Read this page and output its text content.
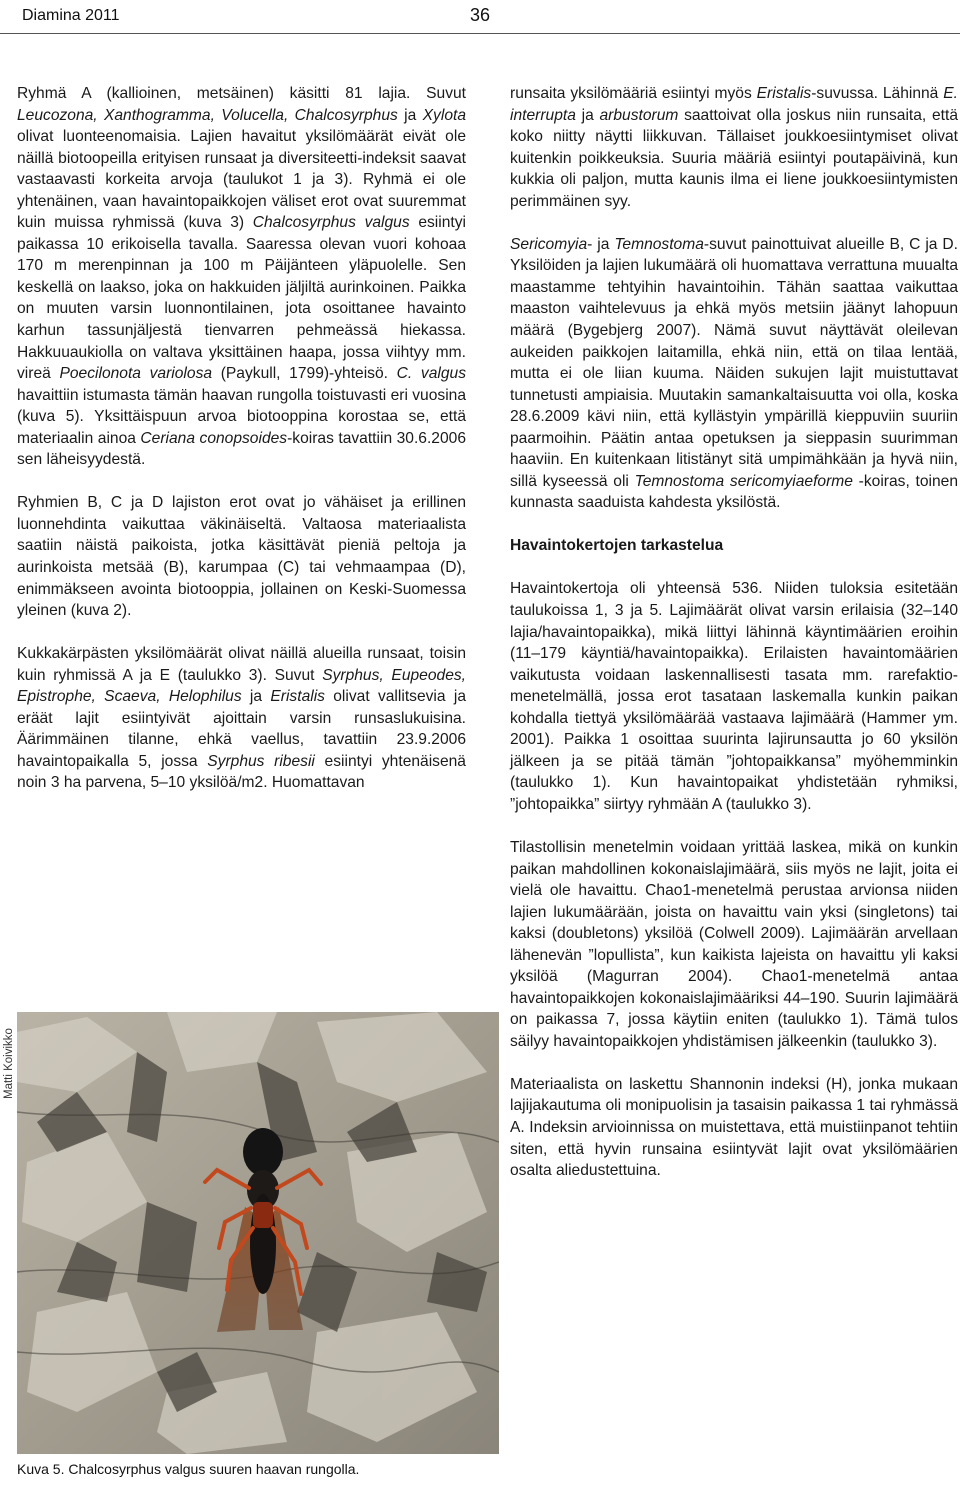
Diamina 2011	36

Ryhmä A (kallioinen, metsäinen) käsitti 81 lajia. Suvut Leucozona, Xanthogramma, Volucella, Chalcosyrphus ja Xylota olivat luonteenomaisia. Lajien havaitut yksilömäärät eivät ole näillä biotoopeilla erityisen runsaat ja diversiteetti-indeksit saavat vastaavasti korkeita arvoja (taulukot 1 ja 3). Ryhmä ei ole yhtenäinen, vaan havaintopaikkojen väliset erot ovat suuremmat kuin muissa ryhmissä (kuva 3) Chalcosyrphus valgus esiintyi paikassa 10 erikoisella tavalla. Saaressa olevan vuori kohoaa 170 m merenpinnan ja 100 m Päijänteen yläpuolelle. Sen keskellä on laakso, joka on hakkuiden jäljiltä aurinkoinen. Paikka on muuten varsin luonnontilainen, jota osoittanee havainto karhun tassunjäljestä tienvarren pehmeässä hiekassa. Hakkuuaukiolla on valtava yksittäinen haapa, jossa viihtyy mm. vireä Poecilonota variolosa (Paykull, 1799)-yhteisö. C. valgus havaittiin istumasta tämän haavan rungolla toistuvasti eri vuosina (kuva 5). Yksittäispuun arvoa biotooppina korostaa se, että materiaalin ainoa Ceriana conopsoides-koiras tavattiin 30.6.2006 sen läheisyydestä.

Ryhmien B, C ja D lajiston erot ovat jo vähäiset ja erillinen luonnehdinta vaikuttaa väkinäiseltä. Valtaosa materiaalista saatiin näistä paikoista, jotka käsittävät pieniä peltoja ja aurinkoista metsää (B), karumpaa (C) tai vehmaampaa (D), enimmäkseen avointa biotooppia, jollainen on Keski-Suomessa yleinen (kuva 2).

Kukkakärpästen yksilömäärät olivat näillä alueilla runsaat, toisin kuin ryhmissä A ja E (taulukko 3). Suvut Syrphus, Eupeodes, Epistrophe, Scaeva, Helophilus ja Eristalis olivat vallitsevia ja eräät lajit esiintyivät ajoittain varsin runsaslukuisina. Äärimmäinen tilanne, ehkä vaellus, tavattiin 23.9.2006 havaintopaikalla 5, jossa Syrphus ribesii esiintyi yhtenäisenä noin 3 ha parvena, 5–10 yksilöä/m2. Huomattavan

runsaita yksilömääriä esiintyi myös Eristalis-suvussa. Lähinnä E. interrupta ja arbustorum saattoivat olla joskus niin runsaita, että koko niitty näytti liikkuvan. Tällaiset joukkoesiintymiset olivat kuitenkin poikkeuksia. Suuria määriä esiintyi poutapäivinä, kun kukkia oli paljon, mutta kaunis ilma ei liene joukkoesiintymisten perimmäinen syy.

Sericomyia- ja Temnostoma-suvut painottuivat alueille B, C ja D. Yksilöiden ja lajien lukumäärä oli huomattava verrattuna muualta maastamme tehtyihin havaintoihin. Tähän saattaa vaikuttaa maaston vaihtelevuus ja ehkä myös metsiin jäänyt lahopuun määrä (Bygebjerg 2007). Nämä suvut näyttävät oleilevan aukeiden paikkojen laitamilla, ehkä niin, että on tilaa lentää, mutta ei ole liian kuuma. Näiden sukujen lajit muistuttavat tunnetusti ampiaisia. Muutakin samankaltaisuutta voi olla, koska 28.6.2009 kävi niin, että kyllästyin ympärillä kieppuviin suuriin paarmoihin. Päätin antaa opetuksen ja sieppasin suurimman haaviin. En kuitenkaan litistänyt sitä umpimähkään ja hyvä niin, sillä kyseessä oli Temnostoma sericomyiaeforme -koiras, toinen kunnasta saaduista kahdesta yksilöstä.

Havaintokertojen tarkastelua

Havaintokertoja oli yhteensä 536. Niiden tuloksia esitetään taulukoissa 1, 3 ja 5. Lajimäärät olivat varsin erilaisia (32–140 lajia/havaintopaikka), mikä liittyi lähinnä käyntimäärien eroihin (11–179 käyntiä/havaintopaikka). Erilaisten havaintomäärien vaikutusta voidaan laskennallisesti tasata mm. rarefaktio-menetelmällä, jossa erot tasataan laskemalla kunkin paikan kohdalla tiettyä yksilömäärää vastaava lajimäärä (Hammer ym. 2001). Paikka 1 osoittaa suurinta lajirunsautta jo 60 yksilön jälkeen ja se pitää tämän ”johtopaikkansa” myöhemminkin (taulukko 1). Kun havaintopaikat yhdistetään ryhmiksi, ”johtopaikka” siirtyy ryhmään A (taulukko 3).

Tilastollisin menetelmin voidaan yrittää laskea, mikä on kunkin paikan mahdollinen kokonaislajimäärä, siis myös ne lajit, joita ei vielä ole havaittu. Chao1-menetelmä perustaa arvionsa niiden lajien lukumäärään, joista on havaittu vain yksi (singletons) tai kaksi (doubletons) yksilöä (Colwell 2009). Lajimäärän arvellaan lähenevän ”lopullista”, kun kaikista lajeista on havaittu yli kaksi yksilöä (Magurran 2004). Chao1-menetelmä antaa havaintopaikkojen kokonaislajimääriksi 44–190. Suurin lajimäärä on paikassa 7, jossa käytiin eniten (taulukko 1). Tämä tulos säilyy havaintopaikkojen yhdistämisen jälkeenkin (taulukko 3).

Materiaalista on laskettu Shannonin indeksi (H), jonka mukaan lajijakautuma oli monipuolisin ja tasaisin paikassa 1 tai ryhmässä A. Indeksin arvioinnissa on muistettava, että muistiinpanot tehtiin siten, että hyvin runsaina esiintyvät lajit ovat yksilömäärien osalta aliedustettuina.

Matti Koivikko
Kuva 5. Chalcosyrphus valgus suuren haavan rungolla.
